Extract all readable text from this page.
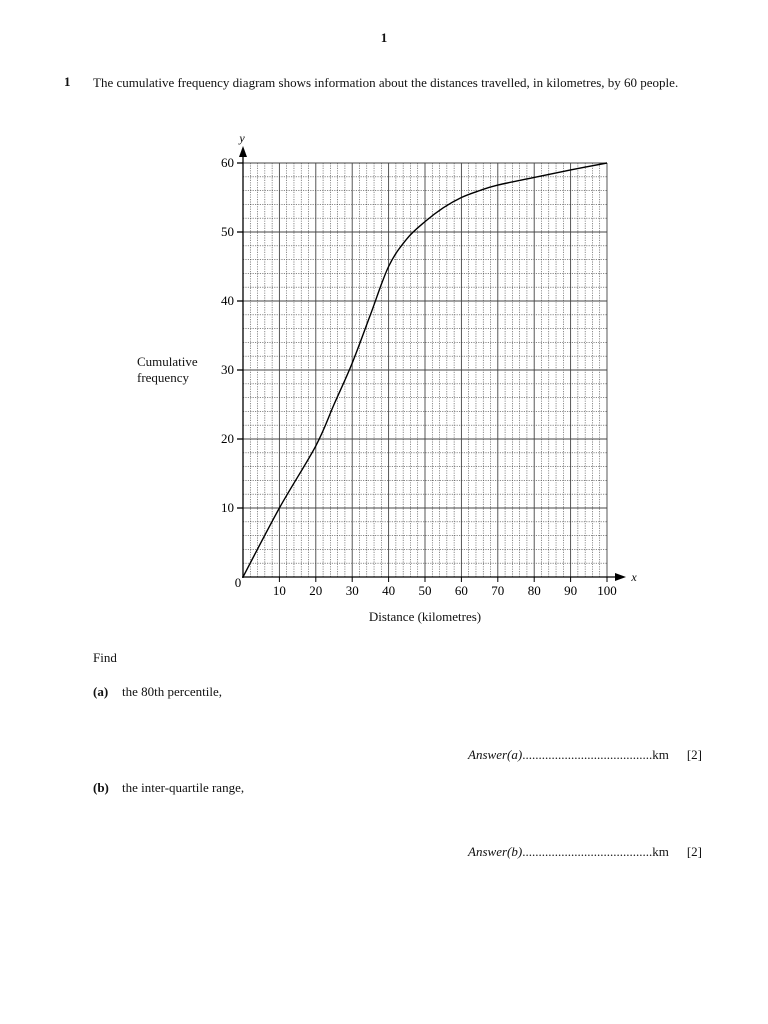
1
1 The cumulative frequency diagram shows information about the distances travelled, in kilometres, by 60 people.
Cumulative frequency
y
x
0
10 20 30 40 50 60 70 80 90 100
10
20
30
40
50
60
Distance (kilometres)
Find
(a) the 80th percentile,
Answer(a)........................................km [2]
(b) the inter-quartile range,
Answer(b)........................................km [2]
